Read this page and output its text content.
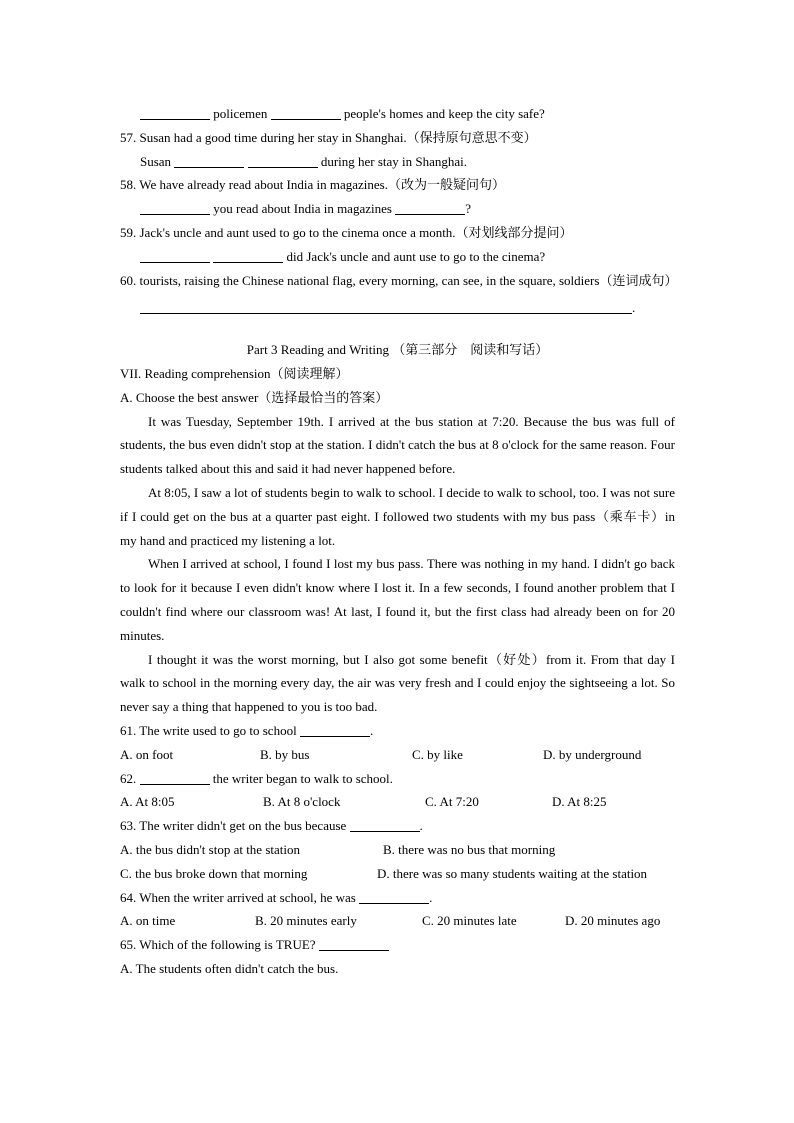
policemen	people's homes and keep the city safe?
57. Susan had a good time during her stay in Shanghai.（保持原句意思不变）
Susan	during her stay in Shanghai.
58. We have already read about India in magazines.（改为一般疑问句）
you read about India in magazines	?
59. Jack's uncle and aunt used to go to the cinema once a month.（对划线部分提问）
did Jack's uncle and aunt use to go to the cinema?
60. tourists, raising the Chinese national flag, every morning, can see, in the square, soldiers（连词成句）
.
Part 3 Reading and Writing （第三部分　阅读和写话）
VII. Reading comprehension（阅读理解）
A. Choose the best answer（选择最恰当的答案）

It was Tuesday, September 19th. I arrived at the bus station at 7:20. Because the bus was full of students, the bus even didn't stop at the station. I didn't catch the bus at 8 o'clock for the same reason. Four students talked about this and said it had never happened before.

At 8:05, I saw a lot of students begin to walk to school. I decide to walk to school, too. I was not sure if I could get on the bus at a quarter past eight. I followed two students with my bus pass（乘车卡）in my hand and practiced my listening a lot.

When I arrived at school, I found I lost my bus pass. There was nothing in my hand. I didn't go back to look for it because I even didn't know where I lost it. In a few seconds, I found another problem that I couldn't find where our classroom was! At last, I found it, but the first class had already been on for 20 minutes.

I thought it was the worst morning, but I also got some benefit（好处）from it. From that day I walk to school in the morning every day, the air was very fresh and I could enjoy the sightseeing a lot. So never say a thing that happened to you is too bad.

61. The write used to go to school	.
A. on foot	B. by bus	C. by like	D. by underground
62.	the writer began to walk to school.
A. At 8:05	B. At 8 o'clock	C. At 7:20	D. At 8:25
63. The writer didn't get on the bus because	.
A. the bus didn't stop at the station	B. there was no bus that morning
C. the bus broke down that morning	D. there was so many students waiting at the station
64. When the writer arrived at school, he was	.
A. on time	B. 20 minutes early	C. 20 minutes late	D. 20 minutes ago
65. Which of the following is TRUE?
A. The students often didn't catch the bus.
